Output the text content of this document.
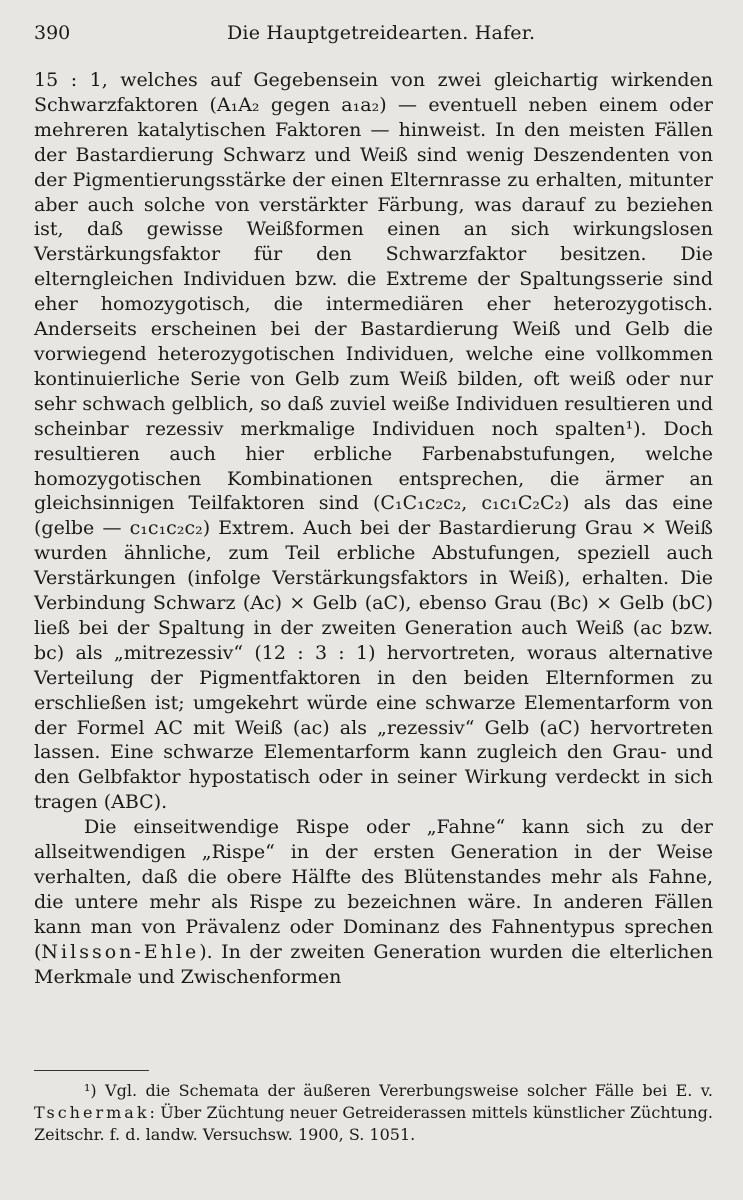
390	Die Hauptgetreidearten. Hafer.

15 : 1, welches auf Gegebensein von zwei gleichartig wirkenden Schwarzfaktoren (A₁A₂ gegen a₁a₂) — eventuell neben einem oder mehreren katalytischen Faktoren — hinweist. In den meisten Fällen der Bastardierung Schwarz und Weiß sind wenig Deszendenten von der Pigmentierungsstärke der einen Elternrasse zu erhalten, mitunter aber auch solche von verstärkter Färbung, was darauf zu beziehen ist, daß gewisse Weißformen einen an sich wirkungslosen Verstärkungsfaktor für den Schwarzfaktor besitzen. Die elterngleichen Individuen bzw. die Extreme der Spaltungsserie sind eher homozygotisch, die intermediären eher heterozygotisch. Anderseits erscheinen bei der Bastardierung Weiß und Gelb die vorwiegend heterozygotischen Individuen, welche eine vollkommen kontinuierliche Serie von Gelb zum Weiß bilden, oft weiß oder nur sehr schwach gelblich, so daß zuviel weiße Individuen resultieren und scheinbar rezessiv merkmalige Individuen noch spalten¹). Doch resultieren auch hier erbliche Farbenabstufungen, welche homozygotischen Kombinationen entsprechen, die ärmer an gleichsinnigen Teilfaktoren sind (C₁C₁c₂c₂, c₁c₁C₂C₂) als das eine (gelbe — c₁c₁c₂c₂) Extrem. Auch bei der Bastardierung Grau × Weiß wurden ähnliche, zum Teil erbliche Abstufungen, speziell auch Verstärkungen (infolge Verstärkungsfaktors in Weiß), erhalten. Die Verbindung Schwarz (Ac) × Gelb (aC), ebenso Grau (Bc) × Gelb (bC) ließ bei der Spaltung in der zweiten Generation auch Weiß (ac bzw. bc) als „mitrezessiv“ (12 : 3 : 1) hervortreten, woraus alternative Verteilung der Pigmentfaktoren in den beiden Elternformen zu erschließen ist; umgekehrt würde eine schwarze Elementarform von der Formel AC mit Weiß (ac) als „rezessiv“ Gelb (aC) hervortreten lassen. Eine schwarze Elementarform kann zugleich den Grau- und den Gelbfaktor hypostatisch oder in seiner Wirkung verdeckt in sich tragen (ABC).

Die einseitwendige Rispe oder „Fahne“ kann sich zu der allseitwendigen „Rispe“ in der ersten Generation in der Weise verhalten, daß die obere Hälfte des Blütenstandes mehr als Fahne, die untere mehr als Rispe zu bezeichnen wäre. In anderen Fällen kann man von Prävalenz oder Dominanz des Fahnentypus sprechen (Nilsson-Ehle). In der zweiten Generation wurden die elterlichen Merkmale und Zwischenformen

¹) Vgl. die Schemata der äußeren Vererbungsweise solcher Fälle bei E. v. Tschermak: Über Züchtung neuer Getreiderassen mittels künstlicher Züchtung. Zeitschr. f. d. landw. Versuchsw. 1900, S. 1051.
